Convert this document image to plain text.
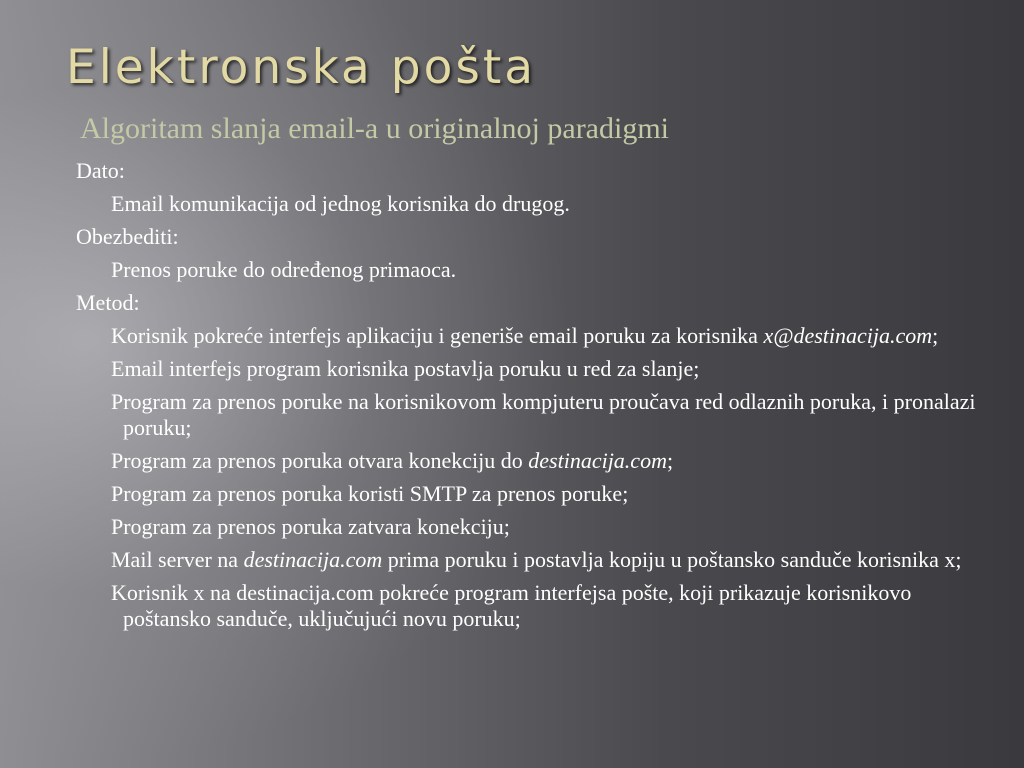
Elektronska pošta

Algoritam slanja email-a u originalnoj paradigmi

Dato:

Email komunikacija od jednog korisnika do drugog.

Obezbediti:

Prenos poruke do određenog primaoca.

Metod:

Korisnik pokreće interfejs aplikaciju i generiše email poruku za korisnika x@destinacija.com;

Email interfejs program korisnika postavlja poruku u red za slanje;

Program za prenos poruke na korisnikovom kompjuteru proučava red odlaznih poruka, i pronalazi poruku;

Program za prenos poruka otvara konekciju do destinacija.com;

Program za prenos poruka koristi SMTP za prenos poruke;

Program za prenos poruka zatvara konekciju;

Mail server na destinacija.com prima poruku i postavlja kopiju u poštansko sandučе korisnika x;

Korisnik x na destinacija.com pokreće program interfejsa pošte, koji prikazuje korisnikovo poštansko sanduče, uključujući novu poruku;
